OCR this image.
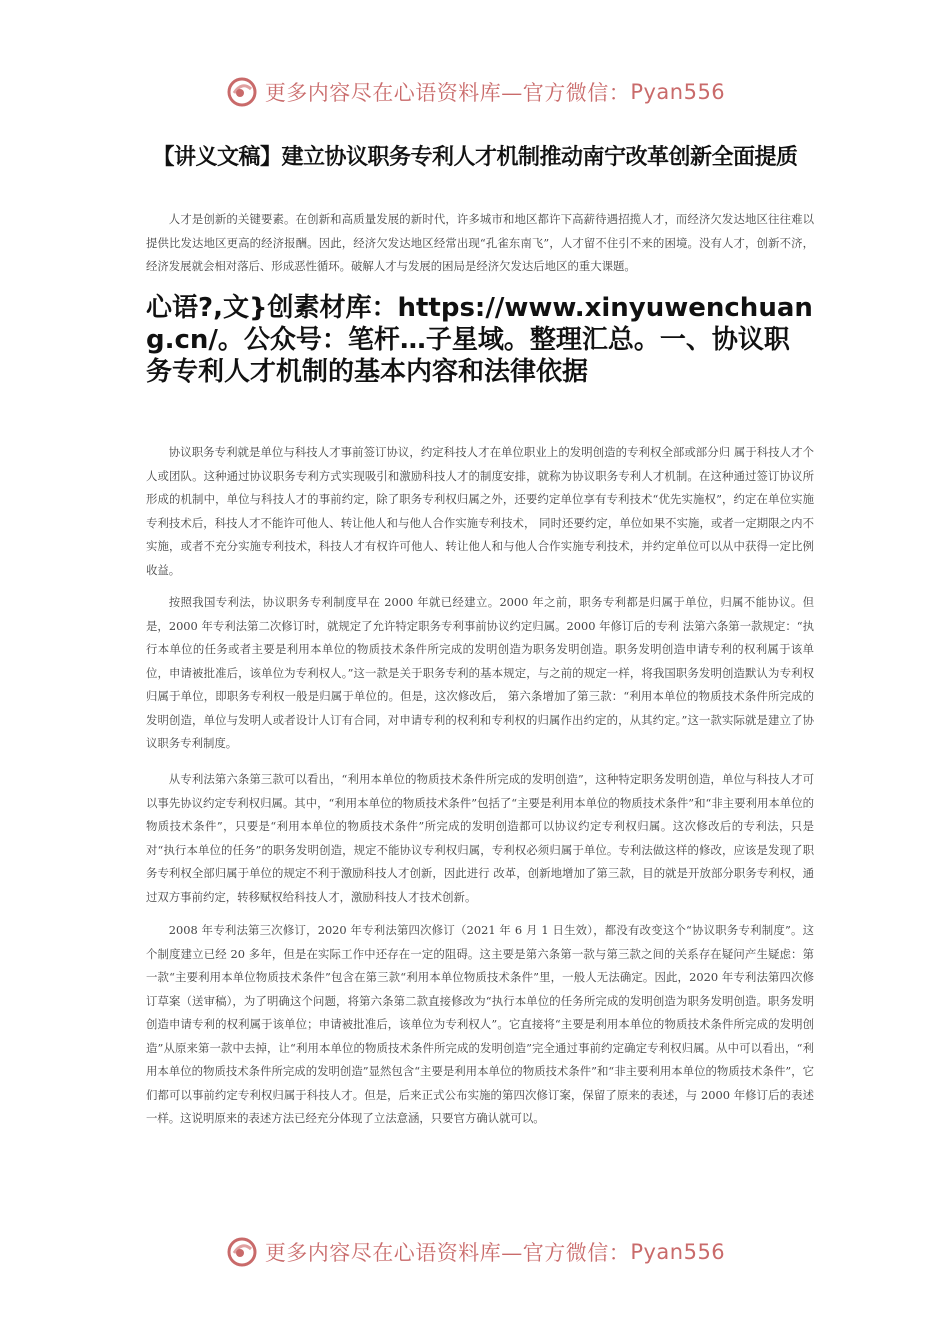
更多内容尽在心语资料库—官方微信： Pyan556
【讲义文稿】建立协议职务专利人才机制推动南宁改革创新全面提质

人才是创新的关键要素。在创新和高质量发展的新时代，许多城市和地区都许下高薪待遇招揽人才，而经济欠发达地区往往难以提供比发达地区更高的经济报酬。因此，经济欠发达地区经常出现“孔雀东南飞”，人才留不住引不来的困境。没有人才，创新不济，经济发展就会相对落后、形成恶性循环。破解人才与发展的困局是经济欠发达后地区的重大课题。

心语?,文}创素材库：https://www.xinyuwenchuang.cn/。公众号：笔杆…子星域。整理汇总。一、协议职务专利人才机制的基本内容和法律依据

协议职务专利就是单位与科技人才事前签订协议，约定科技人才在单位职业上的发明创造的专利权全部或部分归 属于科技人才个人或团队。这种通过协议职务专利方式实现吸引和激励科技人才的制度安排，就称为协议职务专利人才机制。在这种通过签订协议所形成的机制中，单位与科技人才的事前约定，除了职务专利权归属之外，还要约定单位享有专利技术“优先实施权”，约定在单位实施专利技术后，科技人才不能许可他人、转让他人和与他人合作实施专利技术， 同时还要约定，单位如果不实施，或者一定期限之内不实施，或者不充分实施专利技术，科技人才有权许可他人、转让他人和与他人合作实施专利技术，并约定单位可以从中获得一定比例收益。

按照我国专利法，协议职务专利制度早在 2000 年就已经建立。2000 年之前，职务专利都是归属于单位，归属不能协议。但是，2000 年专利法第二次修订时，就规定了允许特定职务专利事前协议约定归属。2000 年修订后的专利 法第六条第一款规定：“执行本单位的任务或者主要是利用本单位的物质技术条件所完成的发明创造为职务发明创造。职务发明创造申请专利的权利属于该单位，申请被批准后，该单位为专利权人。”这一款是关于职务专利的基本规定，与之前的规定一样，将我国职务发明创造默认为专利权归属于单位，即职务专利权一般是归属于单位的。但是，这次修改后， 第六条增加了第三款：“利用本单位的物质技术条件所完成的发明创造，单位与发明人或者设计人订有合同，对申请专利的权利和专利权的归属作出约定的，从其约定。”这一款实际就是建立了协议职务专利制度。

从专利法第六条第三款可以看出，“利用本单位的物质技术条件所完成的发明创造”，这种特定职务发明创造，单位与科技人才可以事先协议约定专利权归属。其中，“利用本单位的物质技术条件”包括了“主要是利用本单位的物质技术条件”和“非主要利用本单位的物质技术条件”，只要是“利用本单位的物质技术条件”所完成的发明创造都可以协议约定专利权归属。这次修改后的专利法，只是对“执行本单位的任务”的职务发明创造，规定不能协议专利权归属，专利权必须归属于单位。专利法做这样的修改，应该是发现了职务专利权全部归属于单位的规定不利于激励科技人才创新，因此进行 改革，创新地增加了第三款，目的就是开放部分职务专利权，通过双方事前约定，转移赋权给科技人才，激励科技人才技术创新。

2008 年专利法第三次修订，2020 年专利法第四次修订（2021 年 6 月 1 日生效），都没有改变这个“协议职务专利制度”。这个制度建立已经 20 多年，但是在实际工作中还存在一定的阻碍。这主要是第六条第一款与第三款之间的关系存在疑问产生疑虑：第一款“主要利用本单位物质技术条件”包含在第三款“利用本单位物质技术条件”里，一般人无法确定。因此，2020 年专利法第四次修订草案（送审稿），为了明确这个问题，将第六条第二款直接修改为“执行本单位的任务所完成的发明创造为职务发明创造。职务发明创造申请专利的权利属于该单位；申请被批准后，该单位为专利权人”。它直接将“主要是利用本单位的物质技术条件所完成的发明创造”从原来第一款中去掉，让“利用本单位的物质技术条件所完成的发明创造”完全通过事前约定确定专利权归属。从中可以看出，“利用本单位的物质技术条件所完成的发明创造”显然包含“主要是利用本单位的物质技术条件”和“非主要利用本单位的物质技术条件”，它们都可以事前约定专利权归属于科技人才。但是，后来正式公布实施的第四次修订案，保留了原来的表述，与 2000 年修订后的表述一样。这说明原来的表述方法已经充分体现了立法意涵，只要官方确认就可以。

更多内容尽在心语资料库—官方微信： Pyan556
